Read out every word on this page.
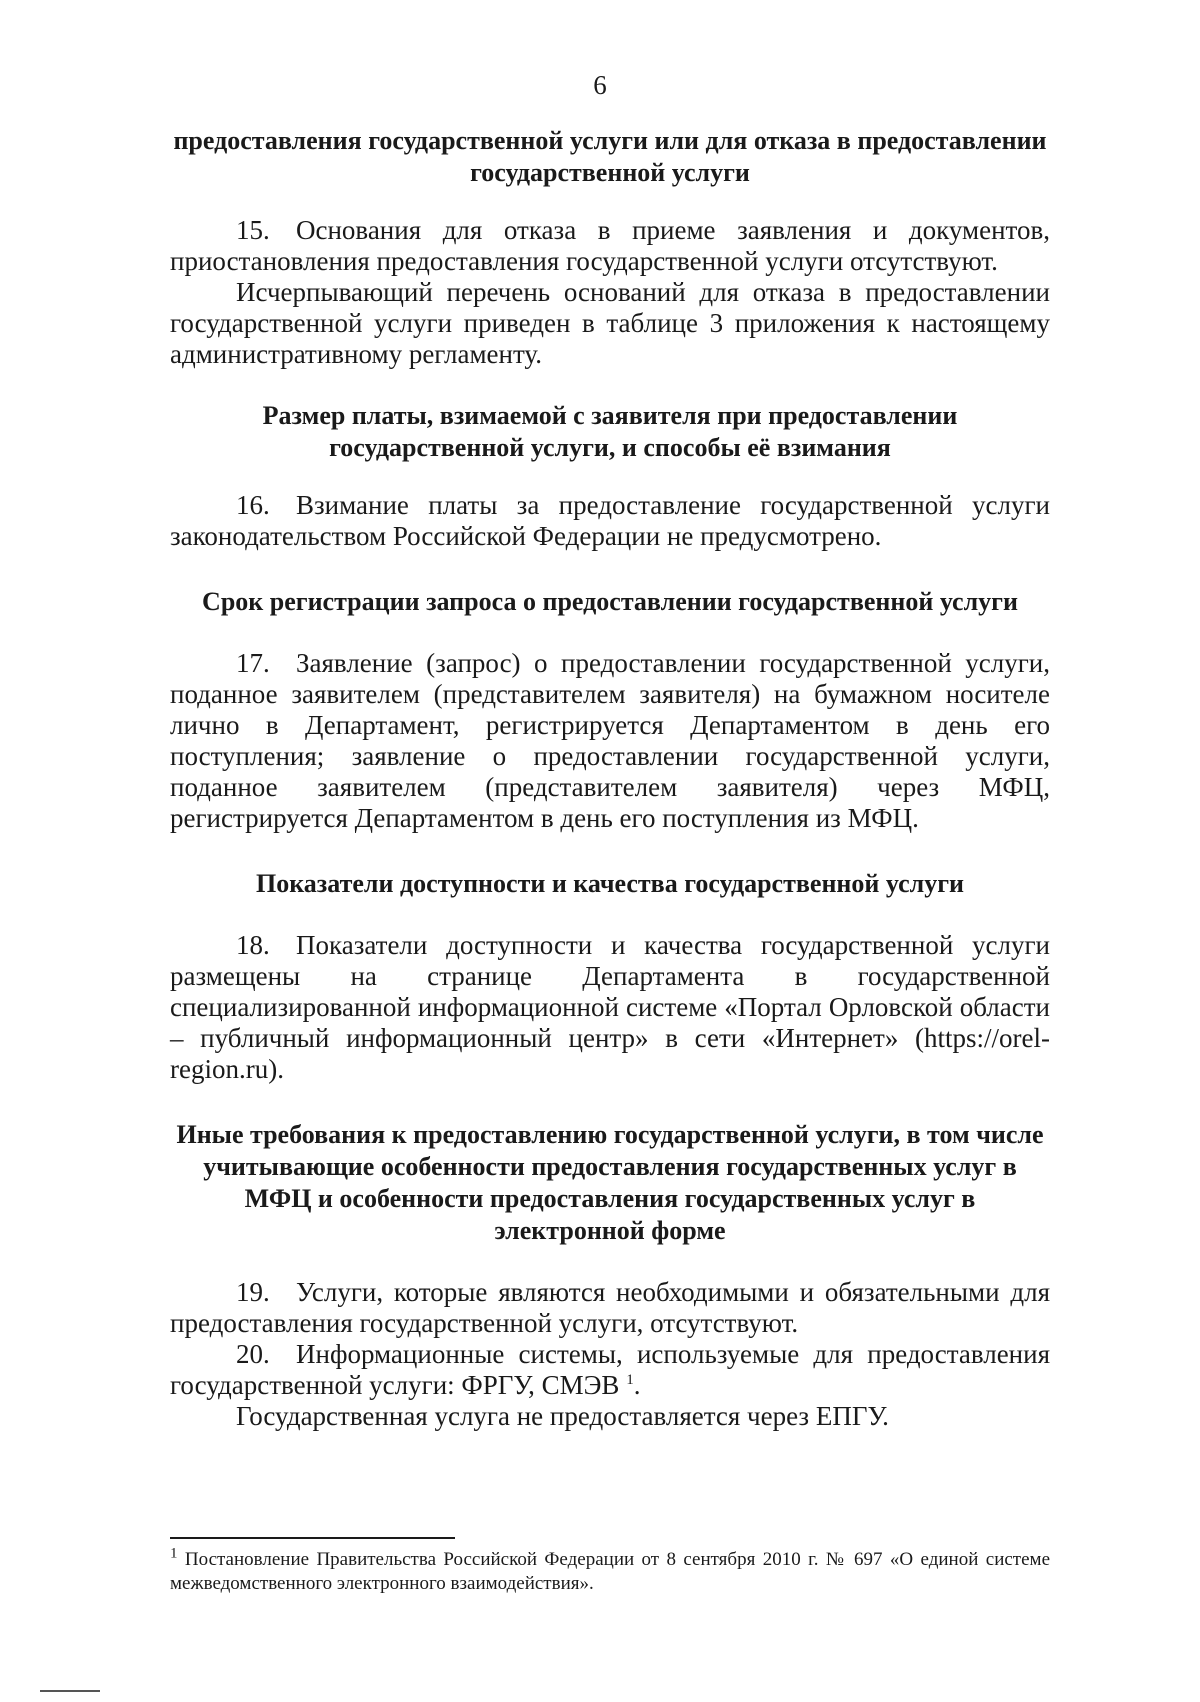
6

предоставления государственной услуги или для отказа в предоставлении государственной услуги

15. Основания для отказа в приеме заявления и документов, приостановления предоставления государственной услуги отсутствуют.

Исчерпывающий перечень оснований для отказа в предоставлении государственной услуги приведен в таблице 3 приложения к настоящему административному регламенту.

Размер платы, взимаемой с заявителя при предоставлении государственной услуги, и способы её взимания

16. Взимание платы за предоставление государственной услуги законодательством Российской Федерации не предусмотрено.

Срок регистрации запроса о предоставлении государственной услуги

17. Заявление (запрос) о предоставлении государственной услуги, поданное заявителем (представителем заявителя) на бумажном носителе лично в Департамент, регистрируется Департаментом в день его поступления; заявление о предоставлении государственной услуги, поданное заявителем (представителем заявителя) через МФЦ, регистрируется Департаментом в день его поступления из МФЦ.

Показатели доступности и качества государственной услуги

18. Показатели доступности и качества государственной услуги размещены на странице Департамента в государственной специализированной информационной системе «Портал Орловской области – публичный информационный центр» в сети «Интернет» (https://orel-region.ru).

Иные требования к предоставлению государственной услуги, в том числе учитывающие особенности предоставления государственных услуг в МФЦ и особенности предоставления государственных услуг в электронной форме

19. Услуги, которые являются необходимыми и обязательными для предоставления государственной услуги, отсутствуют.

20. Информационные системы, используемые для предоставления государственной услуги: ФРГУ, СМЭВ $^1$.

Государственная услуга не предоставляется через ЕПГУ.

$^1$ Постановление Правительства Российской Федерации от 8 сентября 2010 г. № 697 «О единой системе межведомственного электронного взаимодействия».
